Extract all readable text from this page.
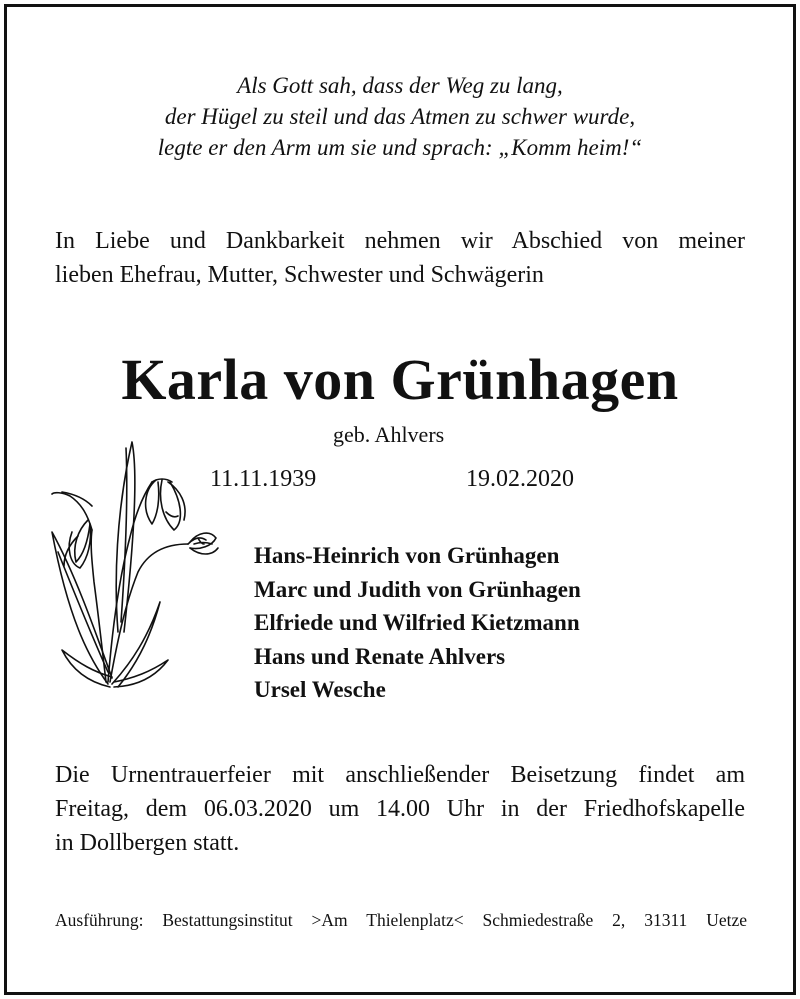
Als Gott sah, dass der Weg zu lang,
der Hügel zu steil und das Atmen zu schwer wurde,
legte er den Arm um sie und sprach: „Komm heim!“
In Liebe und Dankbarkeit nehmen wir Abschied von meiner
lieben Ehefrau, Mutter, Schwester und Schwägerin
Karla von Grünhagen
geb. Ahlvers
11.11.1939	19.02.2020
Hans-Heinrich von Grünhagen
Marc und Judith von Grünhagen
Elfriede und Wilfried Kietzmann
Hans und Renate Ahlvers
Ursel Wesche
Die Urnentrauerfeier mit anschließender Beisetzung findet am
Freitag, dem 06.03.2020 um 14.00 Uhr in der Friedhofskapelle
in Dollbergen statt.
Ausführung: Bestattungsinstitut >Am Thielenplatz< Schmiedestraße 2, 31311 Uetze
